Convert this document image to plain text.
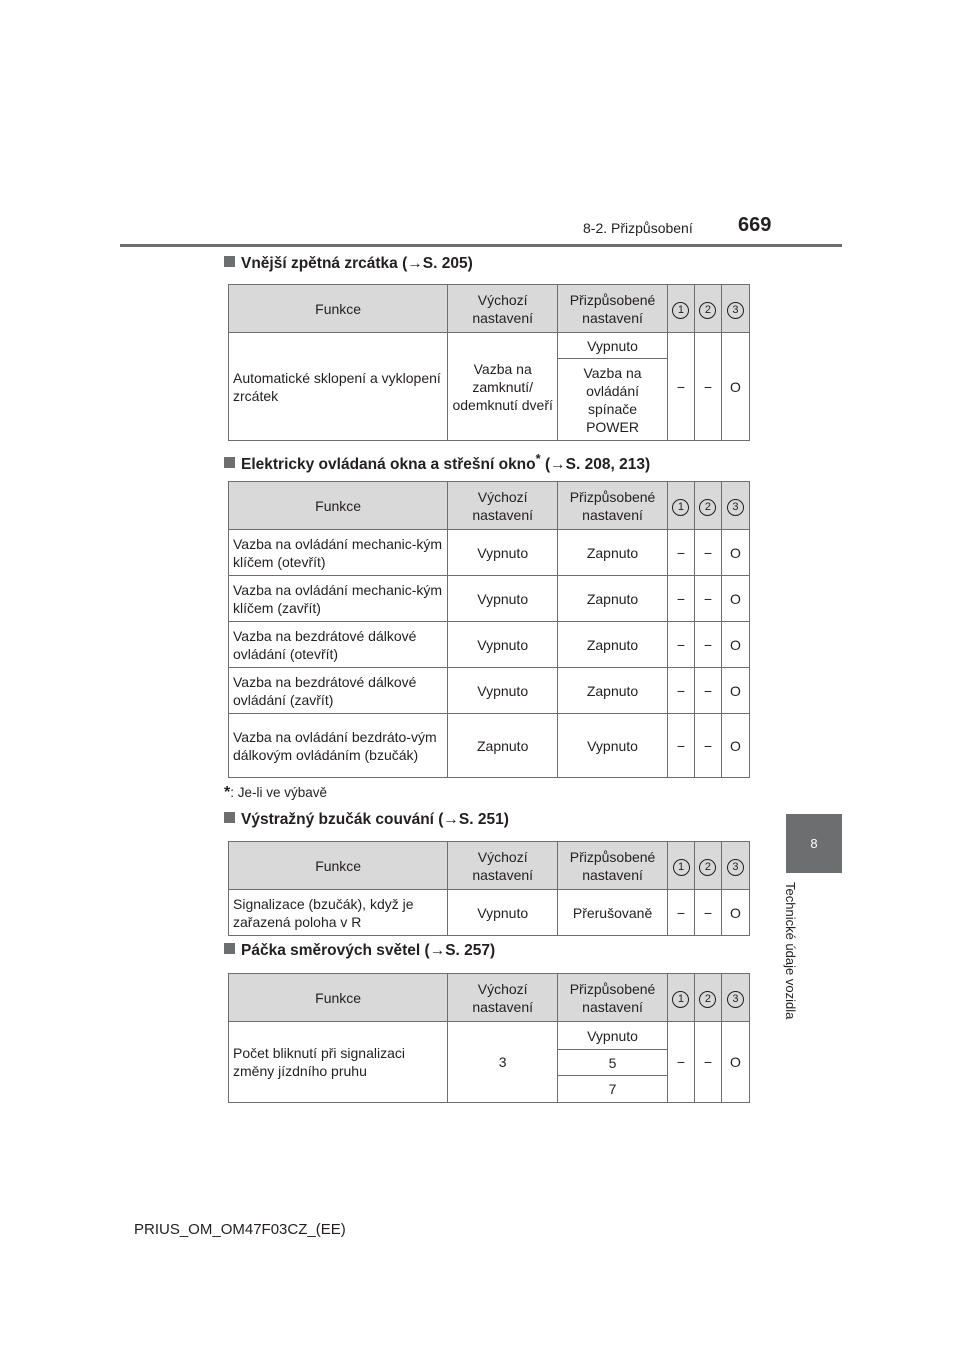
8-2. Přizpůsobení 669
8
Technické údaje vozidla
Vnější zpětná zrcátka (→S. 205)
Funkce	Výchozí nastavení	Přizpůsobené nastavení	1	2	3
Automatické sklopení a vyklopení zrcátek	Vazba na zamknutí/ odemknutí dveří	Vypnuto	−	−	O
		Vazba na ovládání spínače POWER			
Elektricky ovládaná okna a střešní okno* (→S. 208, 213)
Funkce	Výchozí nastavení	Přizpůsobené nastavení	1	2	3
Vazba na ovládání mechanic-kým klíčem (otevřít)	Vypnuto	Zapnuto	−	−	O
Vazba na ovládání mechanic-kým klíčem (zavřít)	Vypnuto	Zapnuto	−	−	O
Vazba na bezdrátové dálkové ovládání (otevřít)	Vypnuto	Zapnuto	−	−	O
Vazba na bezdrátové dálkové ovládání (zavřít)	Vypnuto	Zapnuto	−	−	O
Vazba na ovládání bezdráto-vým dálkovým ovládáním (bzučák)	Zapnuto	Vypnuto	−	−	O
*: Je-li ve výbavě
Výstražný bzučák couvání (→S. 251)
Funkce	Výchozí nastavení	Přizpůsobené nastavení	1	2	3
Signalizace (bzučák), když je zařazená poloha v R	Vypnuto	Přerušovaně	−	−	O
Páčka směrových světel (→S. 257)
Funkce	Výchozí nastavení	Přizpůsobené nastavení	1	2	3
Počet bliknutí při signalizaci změny jízdního pruhu	3	Vypnuto	−	−	O
		5			
		7			
PRIUS_OM_OM47F03CZ_(EE)
